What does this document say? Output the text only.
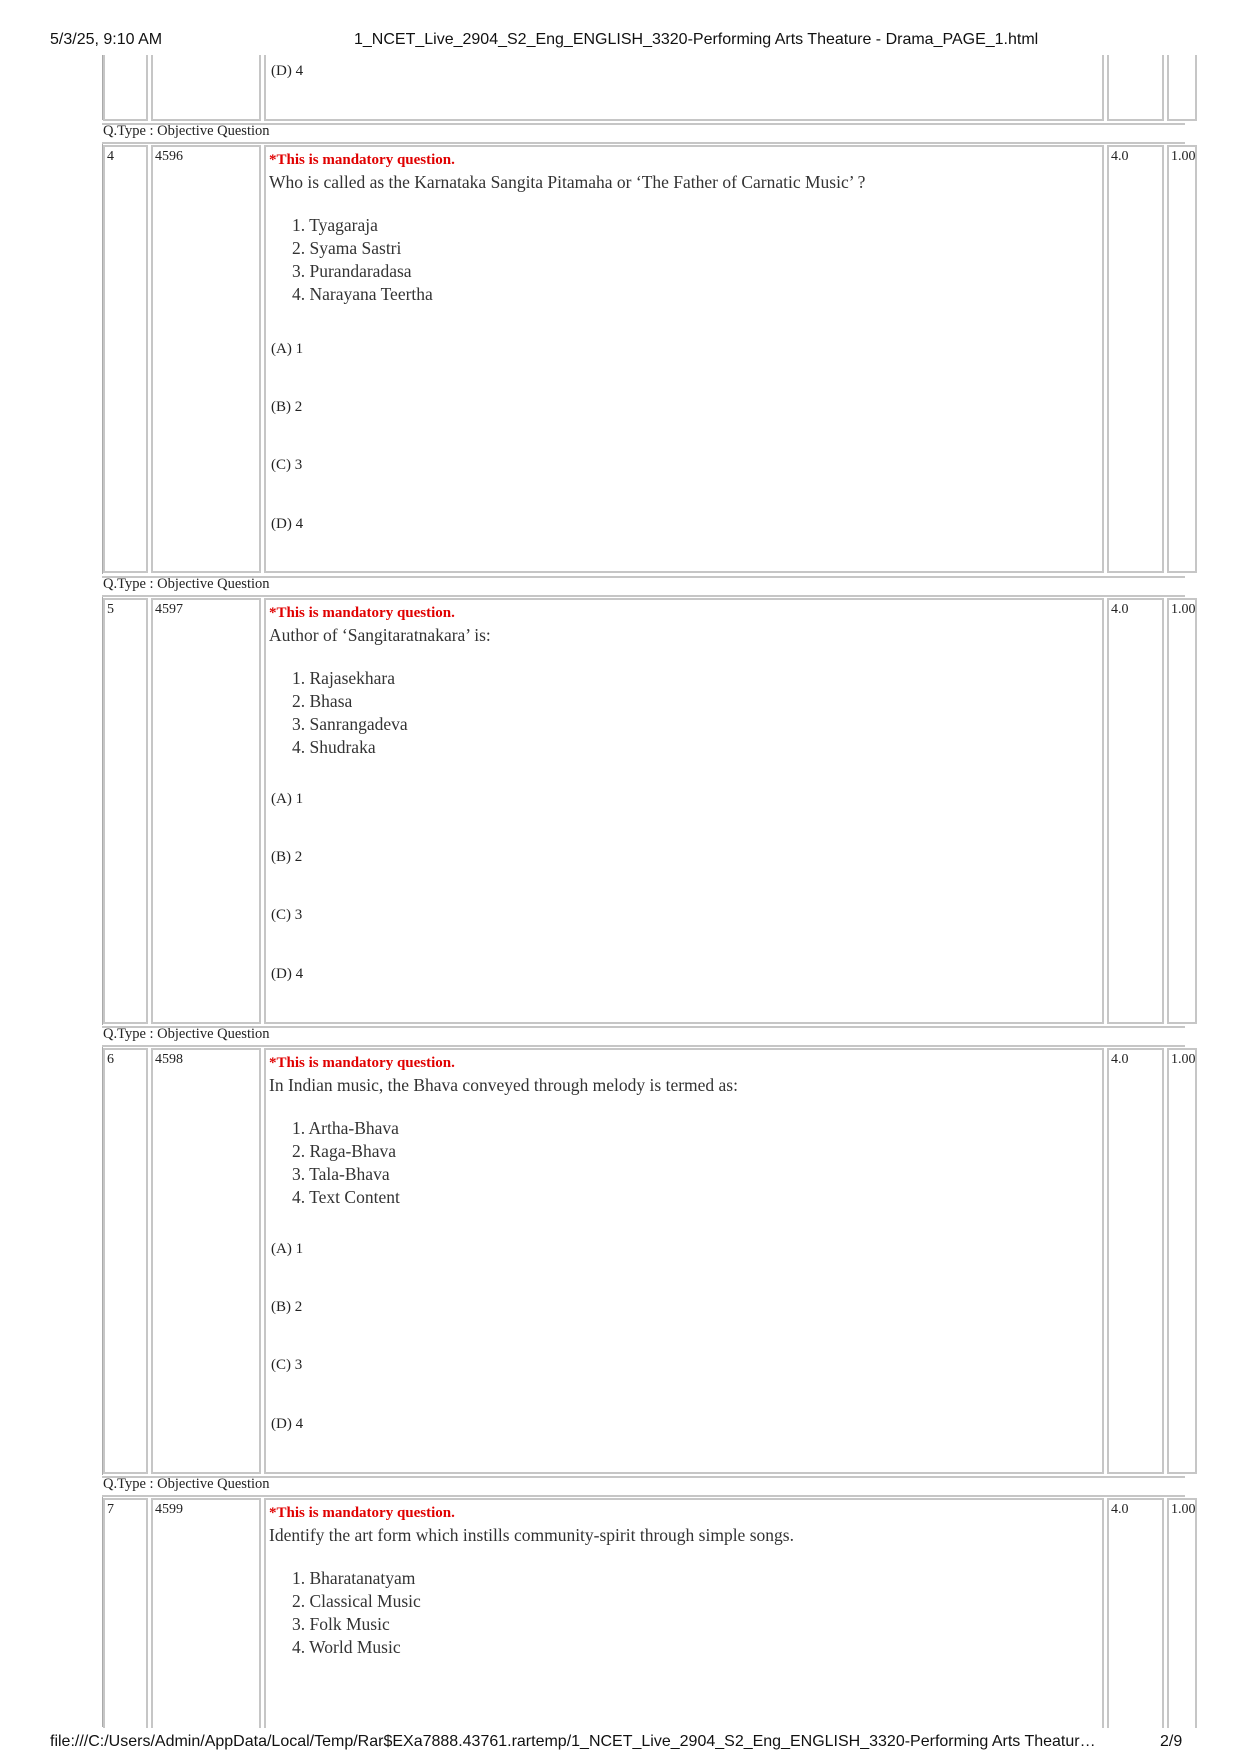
5/3/25, 9:10 AM	1_NCET_Live_2904_S2_Eng_ENGLISH_3320-Performing Arts Theature - Drama_PAGE_1.html
(D) 4
Q.Type : Objective Question
4	4596	*This is mandatory question.
Who is called as the Karnataka Sangita Pitamaha or ‘The Father of Carnatic Music’ ?
1. Tyagaraja
2. Syama Sastri
3. Purandaradasa
4. Narayana Teertha
(A) 1
(B) 2
(C) 3
(D) 4
4.0	1.00
Q.Type : Objective Question
5	4597	*This is mandatory question.
Author of ‘Sangitaratnakara’ is:
1. Rajasekhara
2. Bhasa
3. Sanrangadeva
4. Shudraka
(A) 1
(B) 2
(C) 3
(D) 4
4.0	1.00
Q.Type : Objective Question
6	4598	*This is mandatory question.
In Indian music, the Bhava conveyed through melody is termed as:
1. Artha-Bhava
2. Raga-Bhava
3. Tala-Bhava
4. Text Content
(A) 1
(B) 2
(C) 3
(D) 4
4.0	1.00
Q.Type : Objective Question
7	4599	*This is mandatory question.
Identify the art form which instills community-spirit through simple songs.
1. Bharatanatyam
2. Classical Music
3. Folk Music
4. World Music
4.0	1.00
file:///C:/Users/Admin/AppData/Local/Temp/Rar$EXa7888.43761.rartemp/1_NCET_Live_2904_S2_Eng_ENGLISH_3320-Performing Arts Theatur…	2/9
